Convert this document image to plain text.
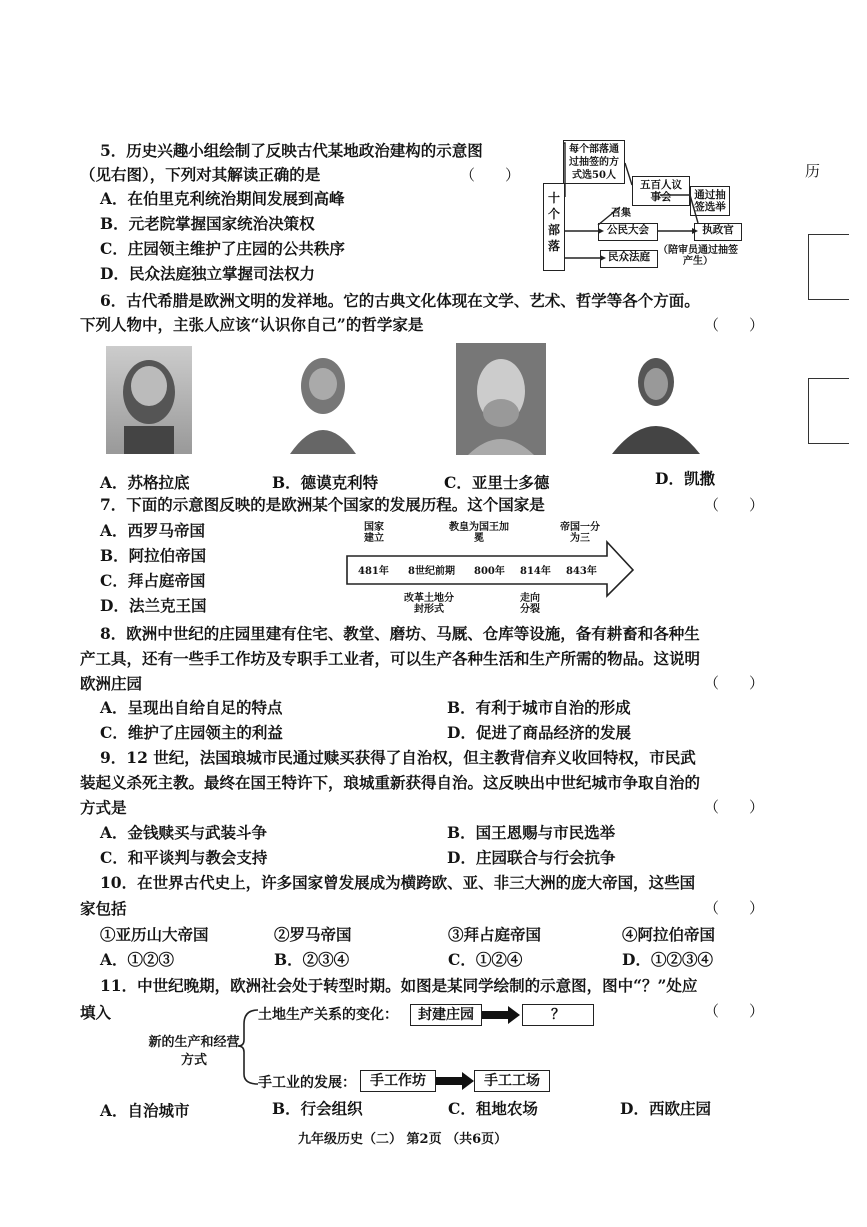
历
5．历史兴趣小组绘制了反映古代某地政治建构的示意图
（见右图），下列对其解读正确的是	（　　）
A．在伯里克利统治期间发展到高峰
B．元老院掌握国家统治决策权
C．庄园领主维护了庄园的公共秩序
D．民众法庭独立掌握司法权力
十个部落
每个部落通过抽签的方式选50人
五百人议事会
召集
公民大会
通过抽签选举
执政官
民众法庭
（陪审员通过抽签产生）
6．古代希腊是欧洲文明的发祥地。它的古典文化体现在文学、艺术、哲学等各个方面。
下列人物中，主张人应该“认识你自己”的哲学家是	（　　）
A．苏格拉底	B．德谟克利特	C．亚里士多德	D．凯撒
7．下面的示意图反映的是欧洲某个国家的发展历程。这个国家是	（　　）
A．西罗马帝国
B．阿拉伯帝国
C．拜占庭帝国
D．法兰克王国
国家建立
教皇为国王加冕
帝国一分为三
481年 8世纪前期 800年 814年 843年
改革土地分封形式
走向分裂
8．欧洲中世纪的庄园里建有住宅、教堂、磨坊、马厩、仓库等设施，备有耕畜和各种生
产工具，还有一些手工作坊及专职手工业者，可以生产各种生活和生产所需的物品。这说明
欧洲庄园	（　　）
A．呈现出自给自足的特点	B．有利于城市自治的形成
C．维护了庄园领主的利益	D．促进了商品经济的发展
9．12 世纪，法国琅城市民通过赎买获得了自治权，但主教背信弃义收回特权，市民武
装起义杀死主教。最终在国王特许下，琅城重新获得自治。这反映出中世纪城市争取自治的
方式是	（　　）
A．金钱赎买与武装斗争	B．国王恩赐与市民选举
C．和平谈判与教会支持	D．庄园联合与行会抗争
10．在世界古代史上，许多国家曾发展成为横跨欧、亚、非三大洲的庞大帝国，这些国
家包括	（　　）
①亚历山大帝国	②罗马帝国	③拜占庭帝国	④阿拉伯帝国
A．①②③	B．②③④	C．①②④	D．①②③④
11．中世纪晚期，欧洲社会处于转型时期。如图是某同学绘制的示意图，图中“？”处应
填入	（　　）
新的生产和经营方式
土地生产关系的变化：	封建庄园	？
手工业的发展：	手工作坊	手工工场
A．自治城市	B．行会组织	C．租地农场	D．西欧庄园
九年级历史（二） 第2页 （共6页）
